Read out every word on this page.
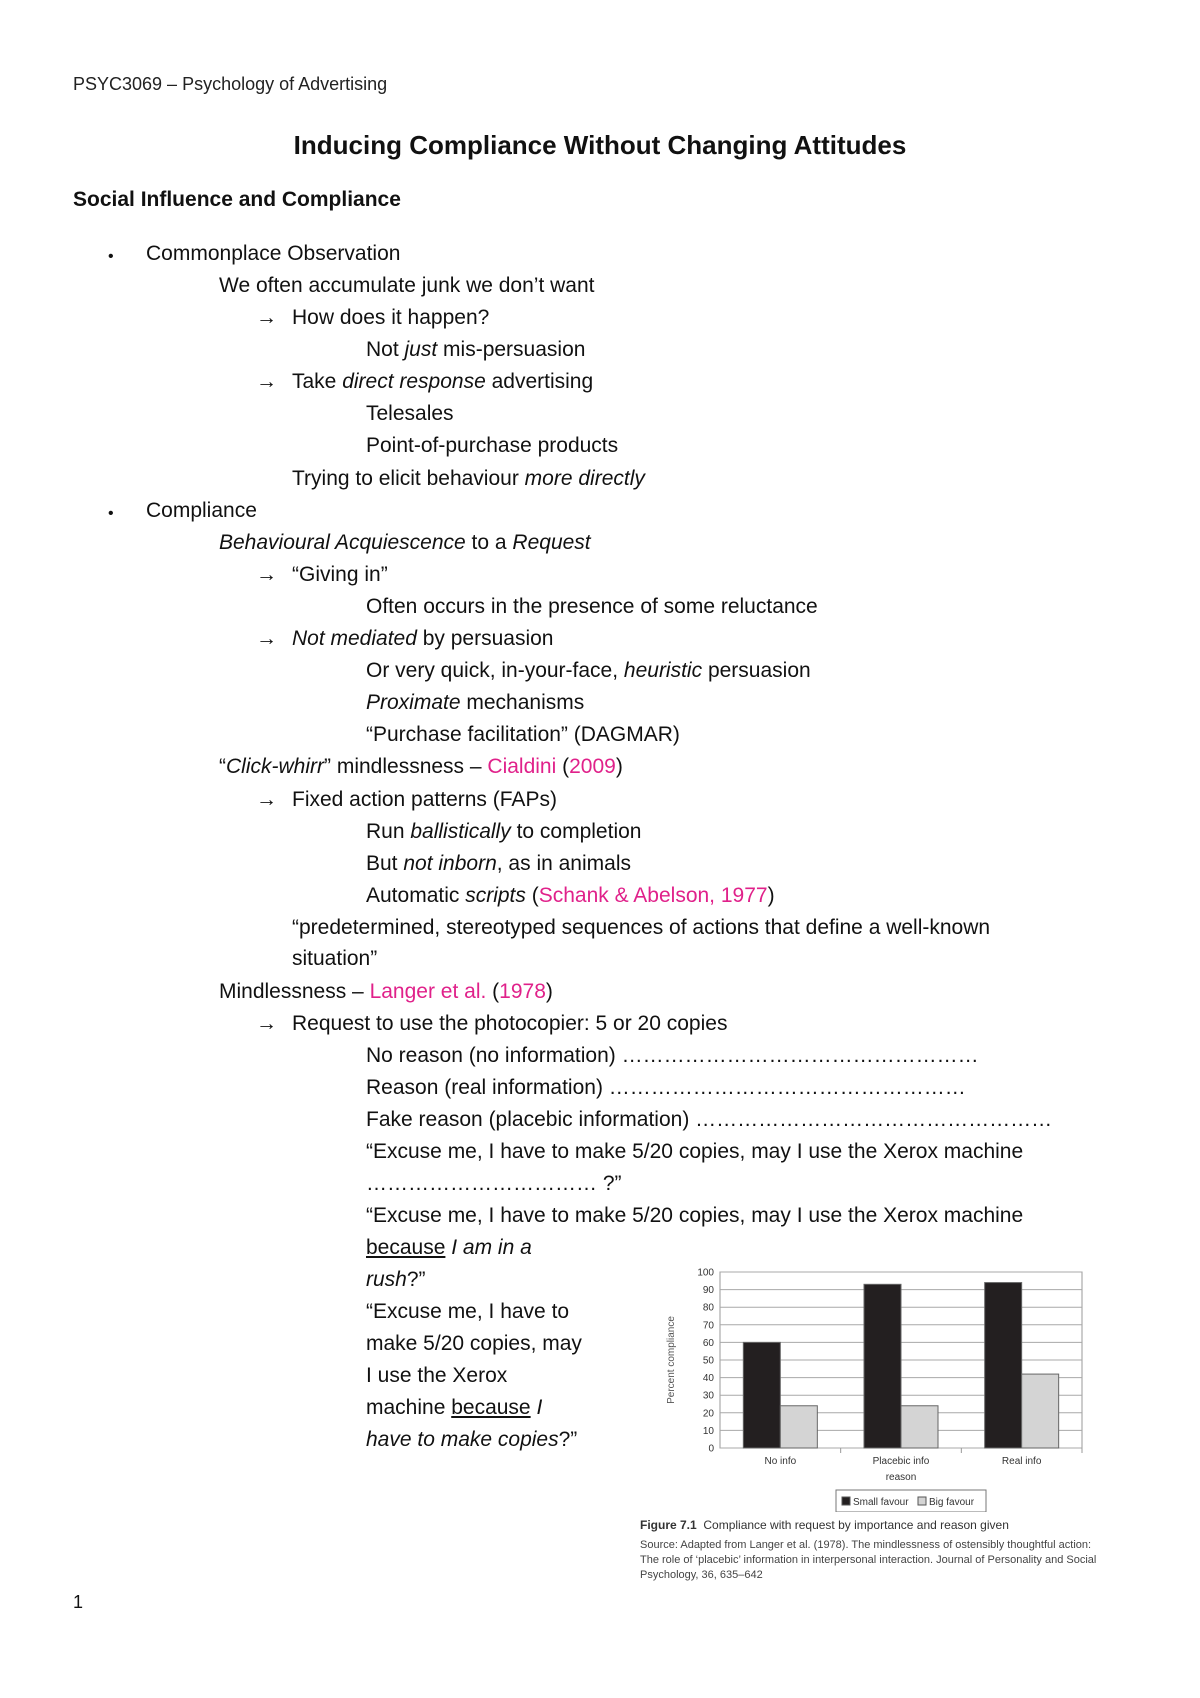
PSYC3069 – Psychology of Advertising
Inducing Compliance Without Changing Attitudes
Social Influence and Compliance
• Commonplace Observation
We often accumulate junk we don’t want
→ How does it happen?
Not just mis-persuasion
→ Take direct response advertising
Telesales
Point-of-purchase products
Trying to elicit behaviour more directly
• Compliance
Behavioural Acquiescence to a Request
→ “Giving in”
Often occurs in the presence of some reluctance
→ Not mediated by persuasion
Or very quick, in-your-face, heuristic persuasion
Proximate mechanisms
“Purchase facilitation” (DAGMAR)
“Click-whirr” mindlessness – Cialdini (2009)
→ Fixed action patterns (FAPs)
Run ballistically to completion
But not inborn, as in animals
Automatic scripts (Schank & Abelson, 1977)
“predetermined, stereotyped sequences of actions that define a well-known
situation”
Mindlessness – Langer et al. (1978)
→ Request to use the photocopier: 5 or 20 copies
No reason (no information) ……………………………………………
Reason (real information) ……………………………………………
Fake reason (placebic information) ……………………………………………
“Excuse me, I have to make 5/20 copies, may I use the Xerox machine
…………………………… ?”
“Excuse me, I have to make 5/20 copies, may I use the Xerox machine
because I am in a
rush?”
“Excuse me, I have to
make 5/20 copies, may
I use the Xerox
machine because I
have to make copies?”	0
10
20
30
40
50
60
70
80
90
100
Percent compliance
No info	Placebic info	Real info
reason
Small favour Big favour
Figure 7.1 Compliance with request by importance and reason given
Source: Adapted from Langer et al. (1978). The mindlessness of ostensibly thoughtful action: The role of ‘placebic’ information in interpersonal interaction. Journal of Personality and Social Psychology, 36, 635–642
1
